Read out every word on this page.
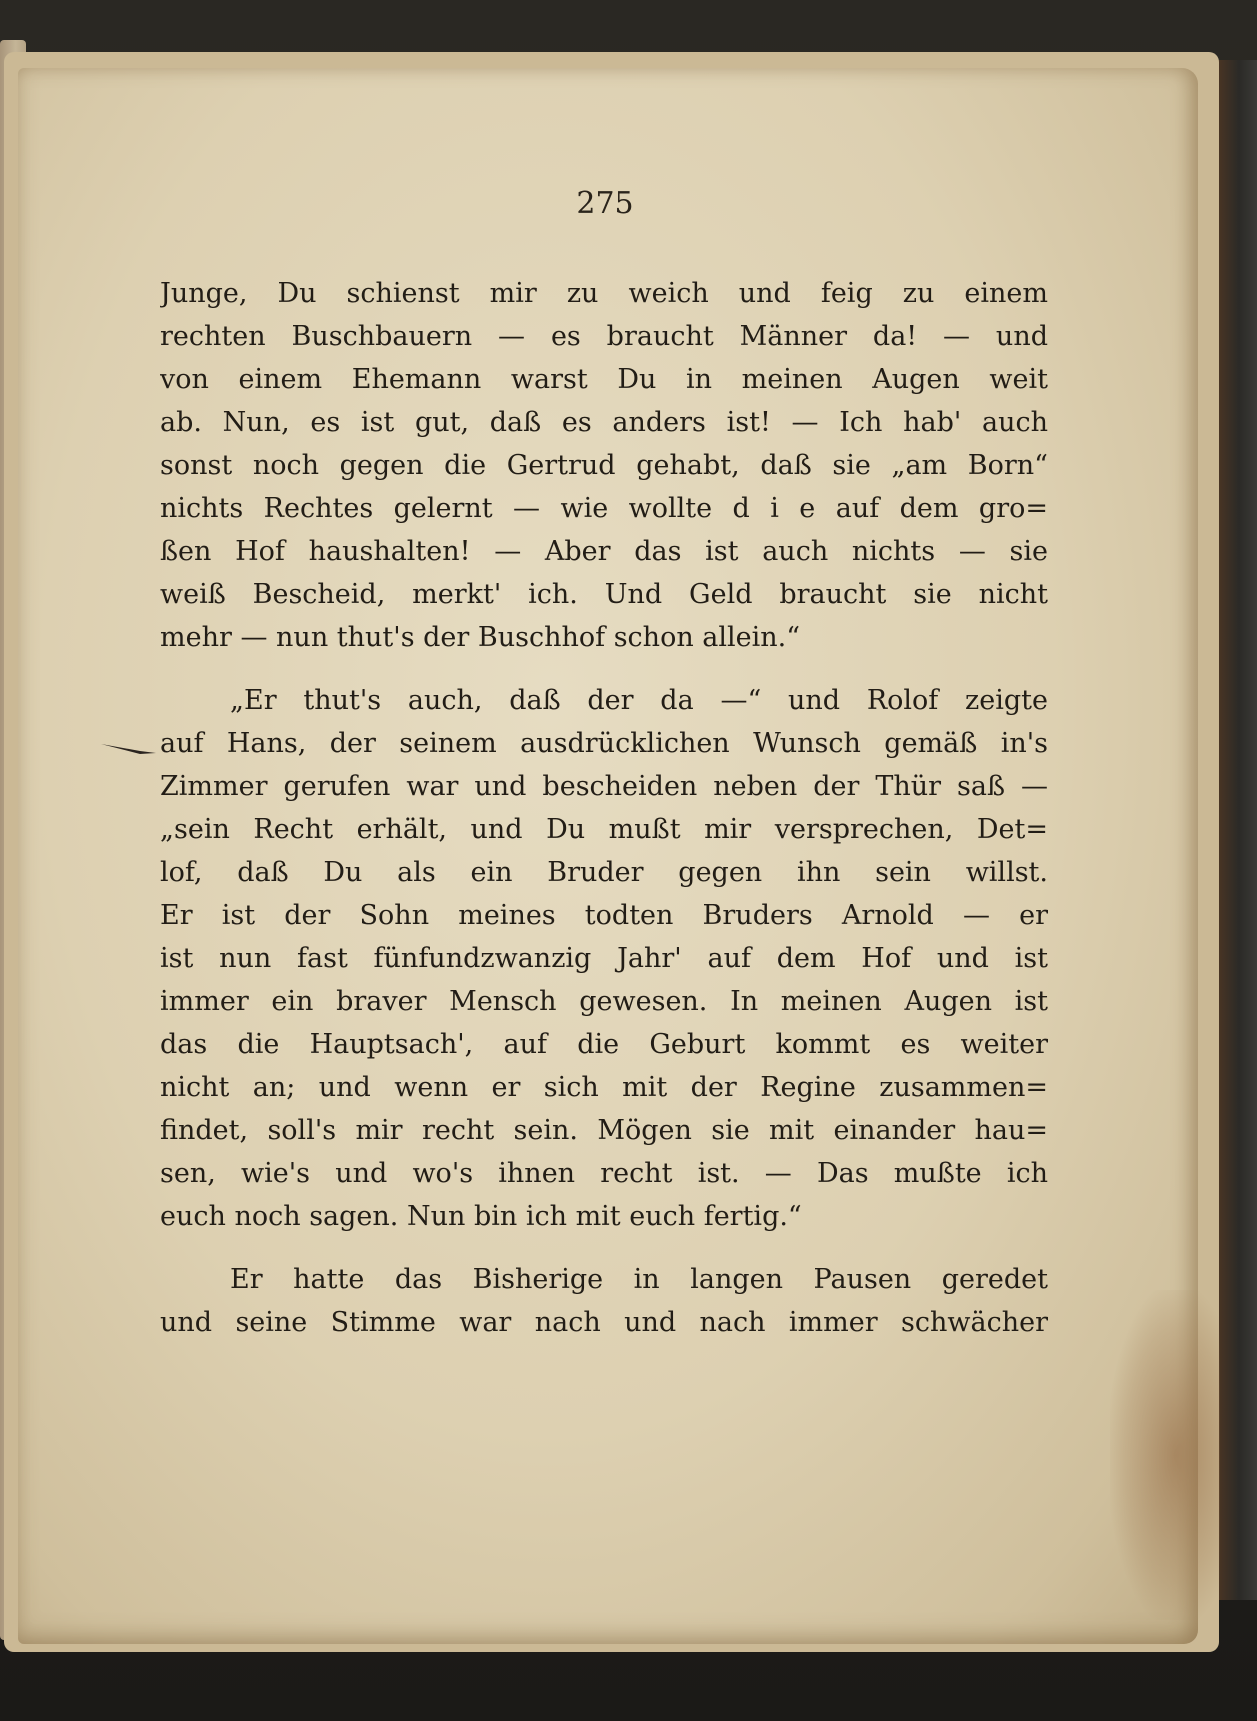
275
Junge, Du schienst mir zu weich und feig zu einem
rechten Buschbauern — es braucht Männer da! — und
von einem Ehemann warst Du in meinen Augen weit
ab. Nun, es ist gut, daß es anders ist! — Ich hab' auch
sonst noch gegen die Gertrud gehabt, daß sie „am Born“
nichts Rechtes gelernt — wie wollte d i e auf dem gro=
ßen Hof haushalten! — Aber das ist auch nichts — sie
weiß Bescheid, merkt' ich. Und Geld braucht sie nicht
mehr — nun thut's der Buschhof schon allein.“
„Er thut's auch, daß der da —“ und Rolof zeigte
auf Hans, der seinem ausdrücklichen Wunsch gemäß in's
Zimmer gerufen war und bescheiden neben der Thür saß —
„sein Recht erhält, und Du mußt mir versprechen, Det=
lof, daß Du als ein Bruder gegen ihn sein willst.
Er ist der Sohn meines todten Bruders Arnold — er
ist nun fast fünfundzwanzig Jahr' auf dem Hof und ist
immer ein braver Mensch gewesen. In meinen Augen ist
das die Hauptsach', auf die Geburt kommt es weiter
nicht an; und wenn er sich mit der Regine zusammen=
findet, soll's mir recht sein. Mögen sie mit einander hau=
sen, wie's und wo's ihnen recht ist. — Das mußte ich
euch noch sagen. Nun bin ich mit euch fertig.“
Er hatte das Bisherige in langen Pausen geredet
und seine Stimme war nach und nach immer schwächer
